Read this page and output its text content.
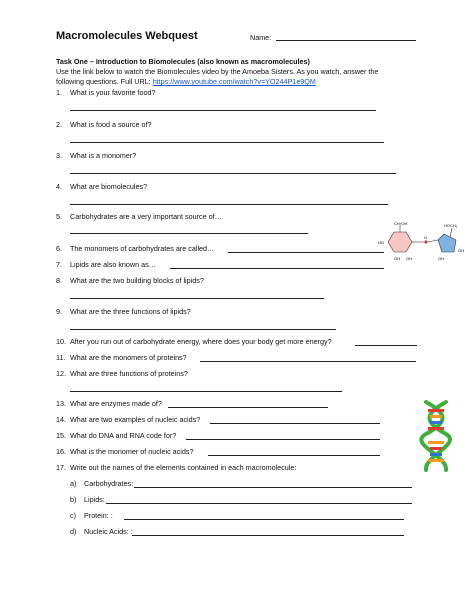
Macromolecules Webquest	Name:
Task One – Introduction to Biomolecules (also known as macromolecules)
Use the link below to watch the Biomolecules video by the Amoeba Sisters. As you watch, answer the
following questions. Full URL: https://www.youtube.com/watch?v=YO244P1e9QM
1. What is your favorite food?
2. What is food a source of?
3. What is a monomer?
4. What are biomolecules?
5. Carbohydrates are a very important source of…
6. The monomers of carbohydrates are called…
7. Lipids are also known as…
8. What are the two building blocks of lipids?
9. What are the three functions of lipids?
10. After you run out of carbohydrate energy, where does your body get more energy?
11. What are the monomers of proteins?
12. What are three functions of proteins?
13. What are enzymes made of?
14. What are two examples of nucleic acids?
15. What do DNA and RNA code for?
16. What is the monomer of nucleic acids?
17. Write out the names of the elements contained in each macromolecule:
a) Carbohydrates:
b) Lipids:
c) Protein: :
d) Nucleic Acids: :
CH₂OH	HOCH₂
HO
OH
OH
O
OH
OH
